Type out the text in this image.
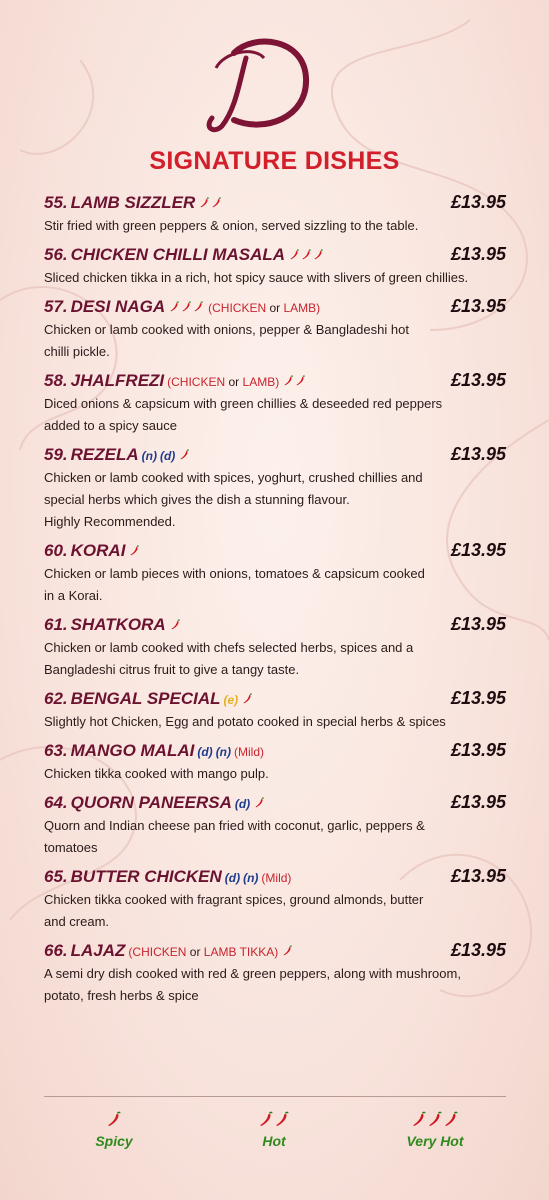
SIGNATURE DISHES
55. LAMB SIZZLER	£13.95
Stir fried with green peppers & onion, served sizzling to the table.
56. CHICKEN CHILLI MASALA	£13.95
Sliced chicken tikka in a rich, hot spicy sauce with slivers of green chillies.
57. DESI NAGA	(CHICKEN or LAMB)	£13.95
Chicken or lamb cooked with onions, pepper & Bangladeshi hot
chilli pickle.
58. JHALFREZI (CHICKEN or LAMB)	£13.95
Diced onions & capsicum with green chillies & deseeded red peppers
added to a spicy sauce
59. REZELA (n) (d)	£13.95
Chicken or lamb cooked with spices, yoghurt, crushed chillies and
special herbs which gives the dish a stunning flavour.
Highly Recommended.
60. KORAI	£13.95
Chicken or lamb pieces with onions, tomatoes & capsicum cooked
in a Korai.
61. SHATKORA	£13.95
Chicken or lamb cooked with chefs selected herbs, spices and a
Bangladeshi citrus fruit to give a tangy taste.
62. BENGAL SPECIAL (e)	£13.95
Slightly hot Chicken, Egg and potato cooked in special herbs & spices
63. MANGO MALAI (d) (n) (Mild)	£13.95
Chicken tikka cooked with mango pulp.
64. QUORN PANEERSA (d)	£13.95
Quorn and Indian cheese pan fried with coconut, garlic, peppers &
tomatoes
65. BUTTER CHICKEN (d) (n) (Mild)	£13.95
Chicken tikka cooked with fragrant spices, ground almonds, butter
and cream.
66. LAJAZ (CHICKEN or LAMB TIKKA)	£13.95
A semi dry dish cooked with red & green peppers, along with mushroom,
potato, fresh herbs & spice
Spicy	Hot	Very Hot
